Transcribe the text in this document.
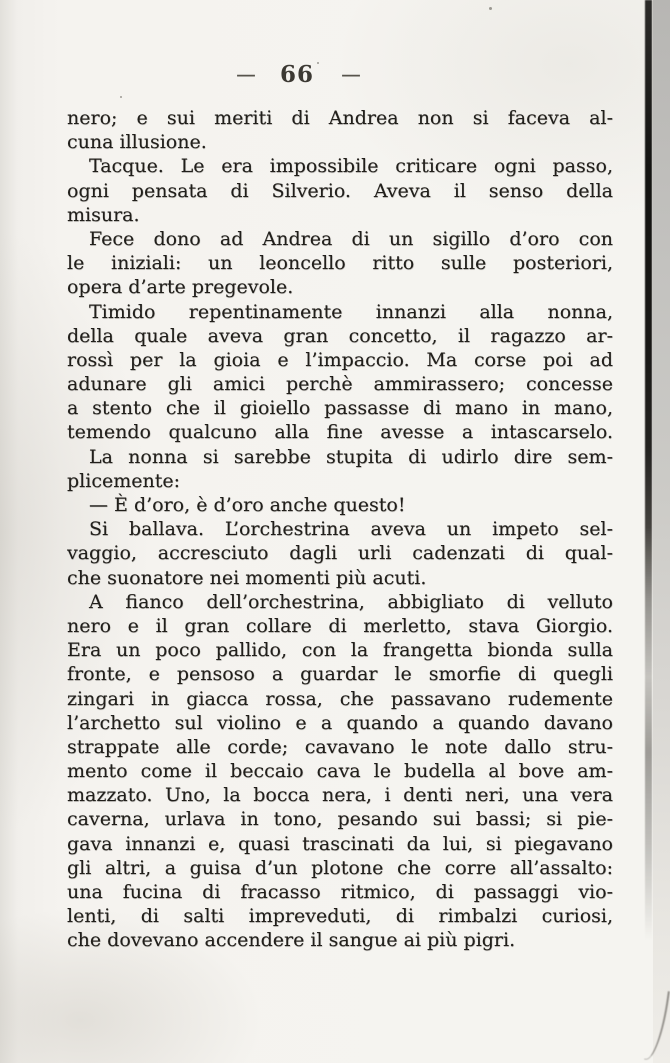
— 66 —
nero; e sui meriti di Andrea non si faceva al-
cuna illusione.
Tacque. Le era impossibile criticare ogni passo,
ogni pensata di Silverio. Aveva il senso della
misura.
Fece dono ad Andrea di un sigillo d’oro con
le iniziali: un leoncello ritto sulle posteriori,
opera d’arte pregevole.
Timido repentinamente innanzi alla nonna,
della quale aveva gran concetto, il ragazzo ar-
rossì per la gioia e l’impaccio. Ma corse poi ad
adunare gli amici perchè ammirassero; concesse
a stento che il gioiello passasse di mano in mano,
temendo qualcuno alla fine avesse a intascarselo.
La nonna si sarebbe stupita di udirlo dire sem-
plicemente:
— È d’oro, è d’oro anche questo!
Si ballava. L’orchestrina aveva un impeto sel-
vaggio, accresciuto dagli urli cadenzati di qual-
che suonatore nei momenti più acuti.
A fianco dell’orchestrina, abbigliato di velluto
nero e il gran collare di merletto, stava Giorgio.
Era un poco pallido, con la frangetta bionda sulla
fronte, e pensoso a guardar le smorfie di quegli
zingari in giacca rossa, che passavano rudemente
l’archetto sul violino e a quando a quando davano
strappate alle corde; cavavano le note dallo stru-
mento come il beccaio cava le budella al bove am-
mazzato. Uno, la bocca nera, i denti neri, una vera
caverna, urlava in tono, pesando sui bassi; si pie-
gava innanzi e, quasi trascinati da lui, si piegavano
gli altri, a guisa d’un plotone che corre all’assalto:
una fucina di fracasso ritmico, di passaggi vio-
lenti, di salti impreveduti, di rimbalzi curiosi,
che dovevano accendere il sangue ai più pigri.
